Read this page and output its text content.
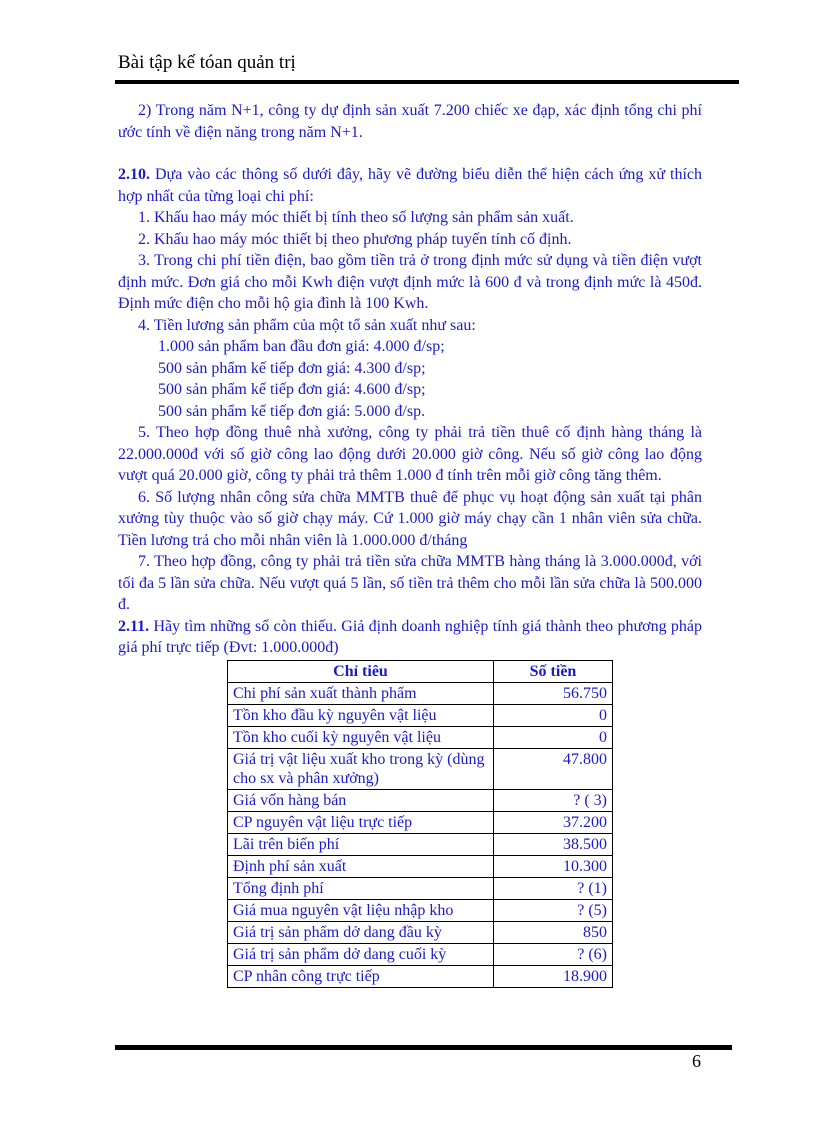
Bài tập kế tóan quản trị

2) Trong năm N+1, công ty dự định sản xuất 7.200 chiếc xe đạp, xác định tổng chi phí ước tính về điện năng trong năm N+1.

2.10. Dựa vào các thông số dưới đây, hãy vẽ đường biểu diễn thể hiện cách ứng xử thích hợp nhất của từng loại chi phí:

1. Khấu hao máy móc thiết bị tính theo số lượng sản phẩm sản xuất.

2. Khấu hao máy móc thiết bị theo phương pháp tuyến tính cố định.

3. Trong chi phí tiền điện, bao gồm tiền trả ở trong định mức sử dụng và tiền điện vượt định mức. Đơn giá cho mỗi Kwh điện vượt định mức là 600 đ và trong định mức là 450đ. Định mức điện cho mỗi hộ gia đình là 100 Kwh.

4. Tiền lương sản phẩm của một tổ sản xuất như sau:

1.000 sản phẩm ban đầu đơn giá: 4.000 đ/sp;

500 sản phẩm kế tiếp đơn giá: 4.300 đ/sp;

500 sản phẩm kế tiếp đơn giá: 4.600 đ/sp;

500 sản phẩm kế tiếp đơn giá: 5.000 đ/sp.

5. Theo hợp đồng thuê nhà xưởng, công ty phải trả tiền thuê cố định hàng tháng là 22.000.000đ với số giờ công lao động dưới 20.000 giờ công. Nếu số giờ công lao động vượt quá 20.000 giờ, công ty phải trả thêm 1.000 đ tính trên mỗi giờ công tăng thêm.

6. Số lượng nhân công sửa chữa MMTB thuê để phục vụ hoạt động sản xuất tại phân xưởng tùy thuộc vào số giờ chạy máy. Cứ 1.000 giờ máy chạy cần 1 nhân viên sửa chữa. Tiền lương trả cho mỗi nhân viên là 1.000.000 đ/tháng

7. Theo hợp đồng, công ty phải trả tiền sửa chữa MMTB hàng tháng là 3.000.000đ, với tối đa 5 lần sửa chữa. Nếu vượt quá 5 lần, số tiền trả thêm cho mỗi lần sửa chữa là 500.000 đ.

2.11. Hãy tìm những số còn thiếu. Giả định doanh nghiệp tính giá thành theo phương pháp giá phí trực tiếp (Đvt: 1.000.000đ)

Chỉ tiêu	Số tiền
Chi phí sản xuất thành phẩm	56.750
Tồn kho đầu kỳ nguyên vật liệu	0
Tồn kho cuối kỳ nguyên vật liệu	0
Giá trị vật liệu xuất kho trong kỳ (dùng cho sx và phân xưởng)	47.800
Giá vốn hàng bán	? ( 3)
CP nguyên vật liệu trực tiếp	37.200
Lãi trên biến phí	38.500
Định phí sản xuất	10.300
Tổng định phí	? (1)
Giá mua nguyên vật liệu nhập kho	? (5)
Giá trị sản phẩm dở dang đầu kỳ	850
Giá trị sản phẩm dở dang cuối kỳ	? (6)
CP nhân công trực tiếp	18.900
6
